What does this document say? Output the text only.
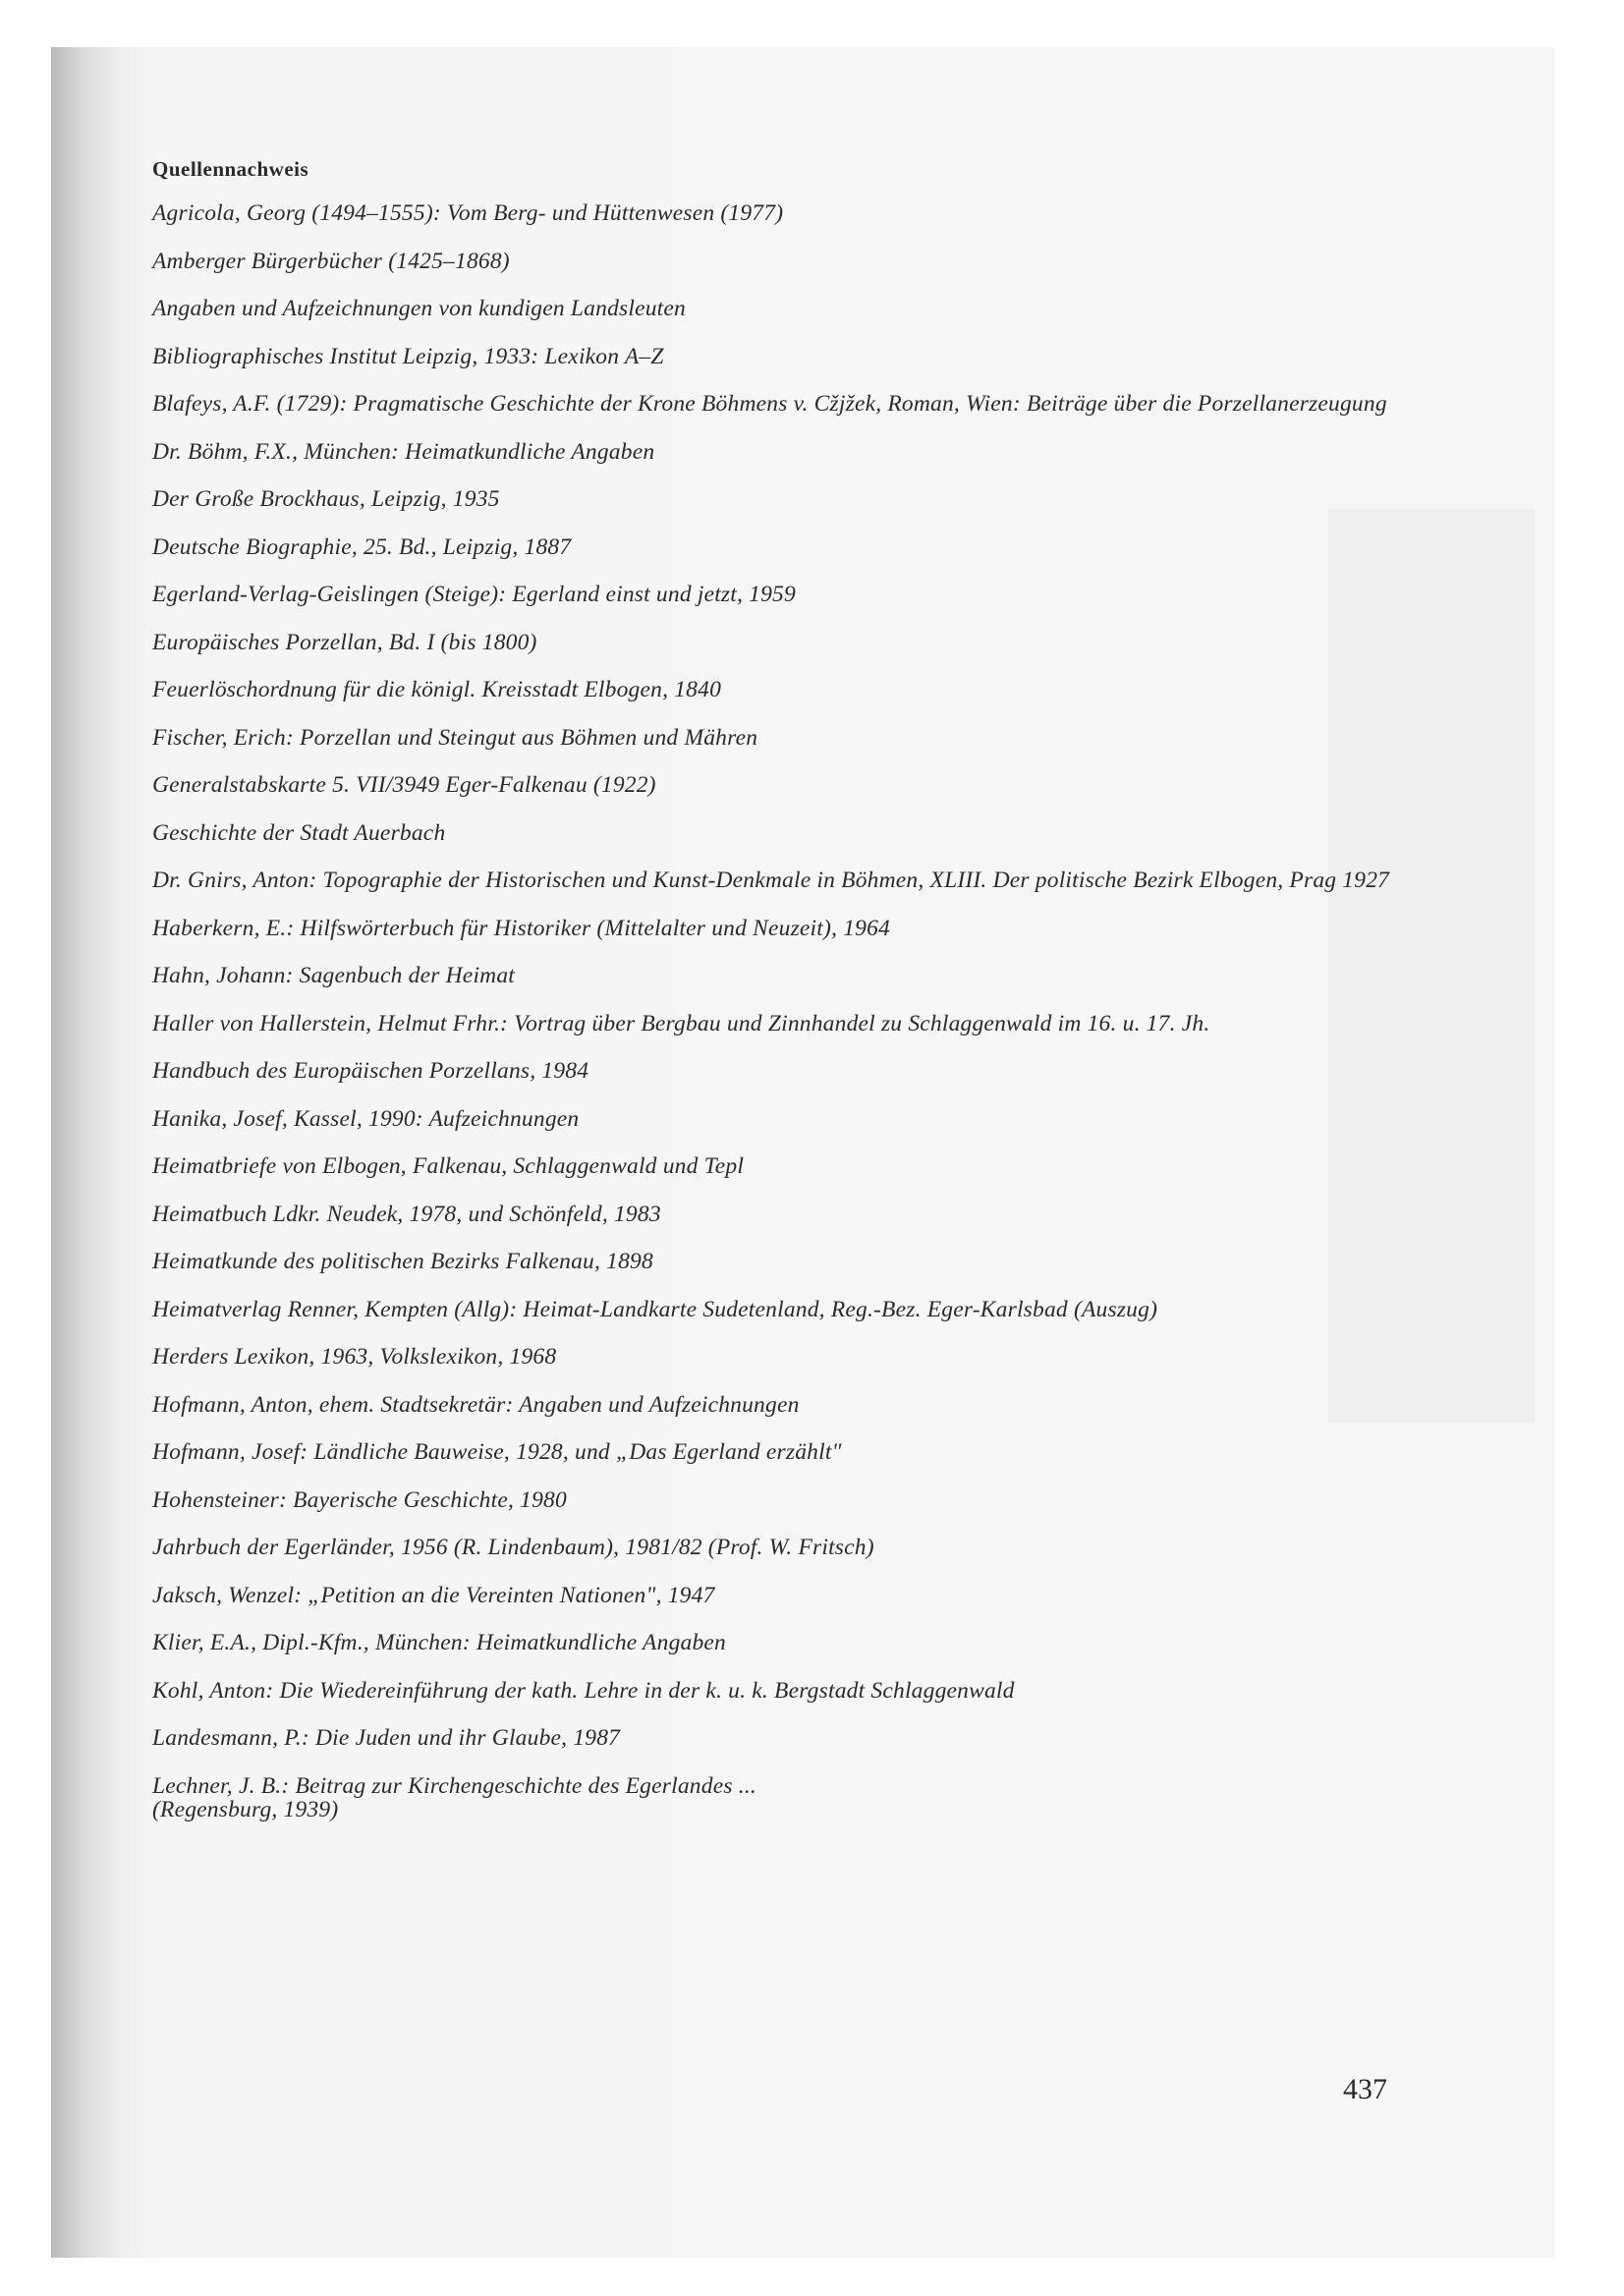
Quellennachweis
Agricola, Georg (1494–1555): Vom Berg- und Hüttenwesen (1977)
Amberger Bürgerbücher (1425–1868)
Angaben und Aufzeichnungen von kundigen Landsleuten
Bibliographisches Institut Leipzig, 1933: Lexikon A–Z
Blafeys, A.F. (1729): Pragmatische Geschichte der Krone Böhmens v. Cžjžek, Roman, Wien: Beiträge über die Porzellanerzeugung
Dr. Böhm, F.X., München: Heimatkundliche Angaben
Der Große Brockhaus, Leipzig, 1935
Deutsche Biographie, 25. Bd., Leipzig, 1887
Egerland-Verlag-Geislingen (Steige): Egerland einst und jetzt, 1959
Europäisches Porzellan, Bd. I (bis 1800)
Feuerlöschordnung für die königl. Kreisstadt Elbogen, 1840
Fischer, Erich: Porzellan und Steingut aus Böhmen und Mähren
Generalstabskarte 5. VII/3949 Eger-Falkenau (1922)
Geschichte der Stadt Auerbach
Dr. Gnirs, Anton: Topographie der Historischen und Kunst-Denkmale in Böhmen, XLIII. Der politische Bezirk Elbogen, Prag 1927
Haberkern, E.: Hilfswörterbuch für Historiker (Mittelalter und Neuzeit), 1964
Hahn, Johann: Sagenbuch der Heimat
Haller von Hallerstein, Helmut Frhr.: Vortrag über Bergbau und Zinnhandel zu Schlaggenwald im 16. u. 17. Jh.
Handbuch des Europäischen Porzellans, 1984
Hanika, Josef, Kassel, 1990: Aufzeichnungen
Heimatbriefe von Elbogen, Falkenau, Schlaggenwald und Tepl
Heimatbuch Ldkr. Neudek, 1978, und Schönfeld, 1983
Heimatkunde des politischen Bezirks Falkenau, 1898
Heimatverlag Renner, Kempten (Allg): Heimat-Landkarte Sudetenland, Reg.-Bez. Eger-Karlsbad (Auszug)
Herders Lexikon, 1963, Volkslexikon, 1968
Hofmann, Anton, ehem. Stadtsekretär: Angaben und Aufzeichnungen
Hofmann, Josef: Ländliche Bauweise, 1928, und „Das Egerland erzählt"
Hohensteiner: Bayerische Geschichte, 1980
Jahrbuch der Egerländer, 1956 (R. Lindenbaum), 1981/82 (Prof. W. Fritsch)
Jaksch, Wenzel: „Petition an die Vereinten Nationen", 1947
Klier, E.A., Dipl.-Kfm., München: Heimatkundliche Angaben
Kohl, Anton: Die Wiedereinführung der kath. Lehre in der k. u. k. Bergstadt Schlaggenwald
Landesmann, P.: Die Juden und ihr Glaube, 1987
Lechner, J. B.: Beitrag zur Kirchengeschichte des Egerlandes ...
(Regensburg, 1939)
437
